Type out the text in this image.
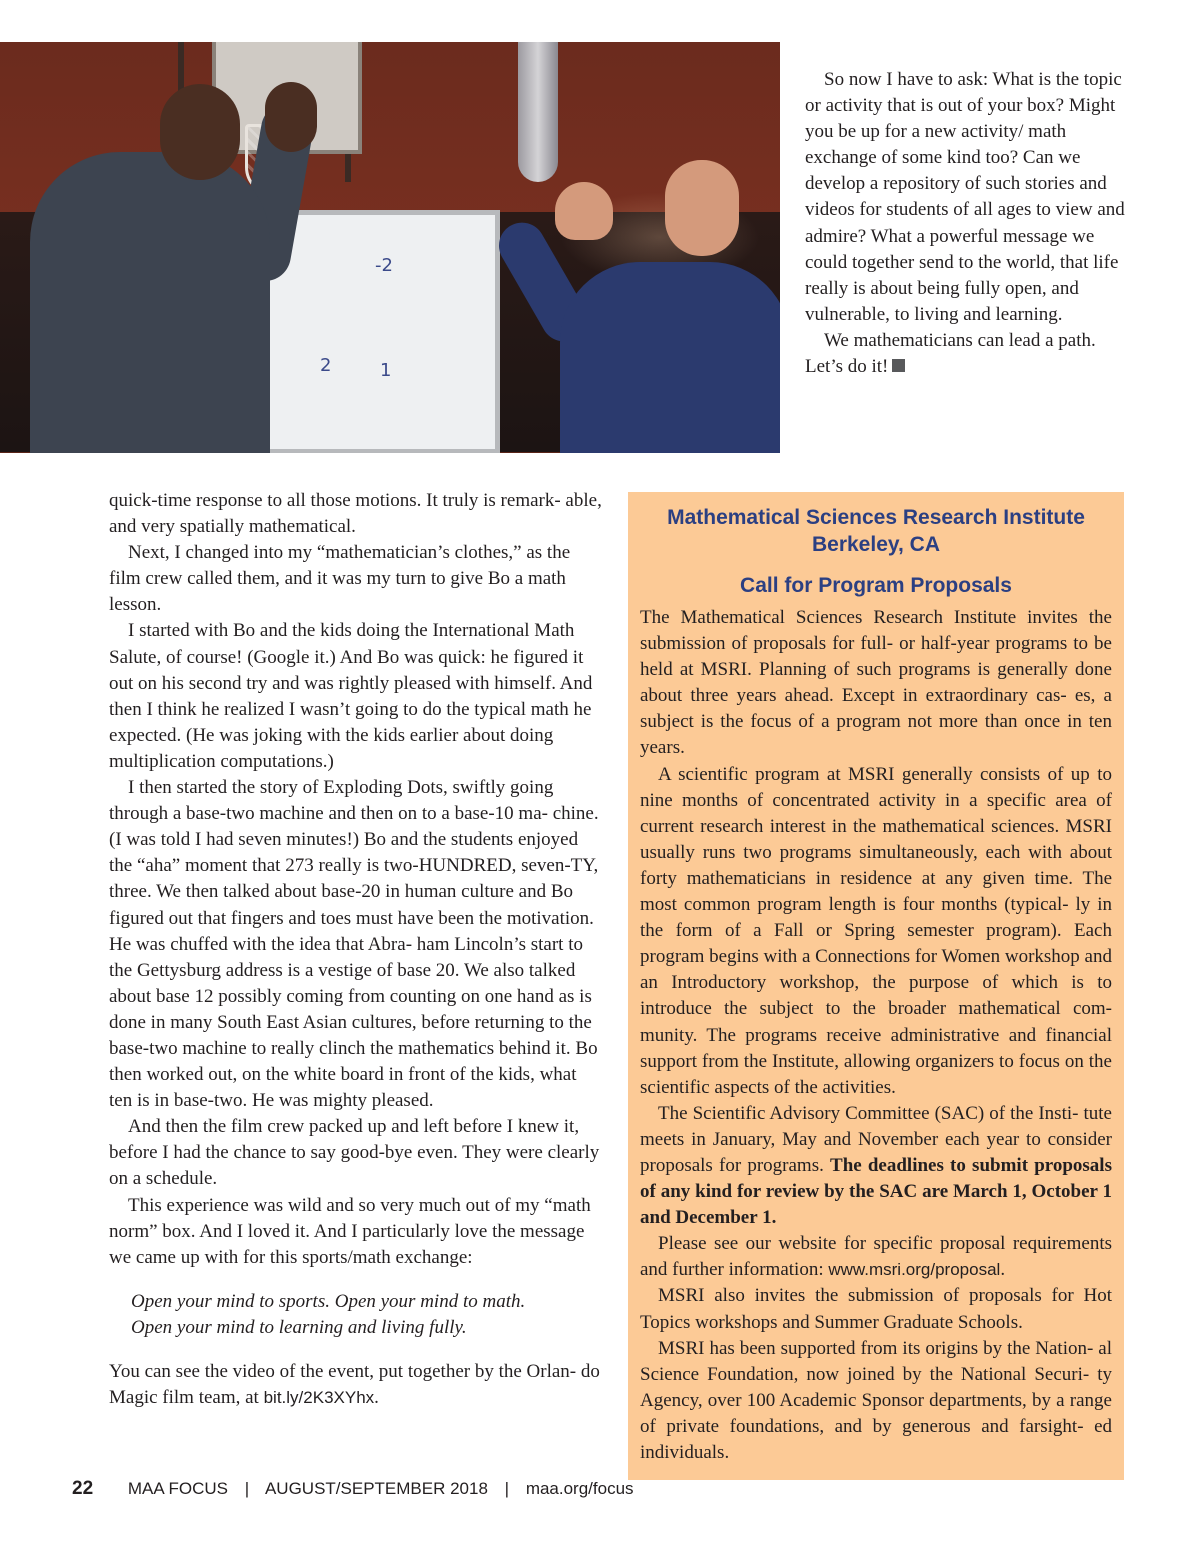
-2
2	1

So now I have to ask: What is the topic or activity that is out of your box? Might you be up for a new activity/ math exchange of some kind too? Can we develop a repository of such stories and videos for students of all ages to view and admire? What a powerful message we could together send to the world, that life really is about being fully open, and vulnerable, to living and learning.

We mathematicians can lead a path. Let’s do it!

quick-time response to all those motions. It truly is remark- able, and very spatially mathematical.

Next, I changed into my “mathematician’s clothes,” as the film crew called them, and it was my turn to give Bo a math lesson.

I started with Bo and the kids doing the International Math Salute, of course! (Google it.) And Bo was quick: he figured it out on his second try and was rightly pleased with himself. And then I think he realized I wasn’t going to do the typical math he expected. (He was joking with the kids earlier about doing multiplication computations.)

I then started the story of Exploding Dots, swiftly going through a base-two machine and then on to a base-10 ma- chine. (I was told I had seven minutes!) Bo and the students enjoyed the “aha” moment that 273 really is two-HUNDRED, seven-TY, three. We then talked about base-20 in human culture and Bo figured out that fingers and toes must have been the motivation. He was chuffed with the idea that Abra- ham Lincoln’s start to the Gettysburg address is a vestige of base 20. We also talked about base 12 possibly coming from counting on one hand as is done in many South East Asian cultures, before returning to the base-two machine to really clinch the mathematics behind it. Bo then worked out, on the white board in front of the kids, what ten is in base-two. He was mighty pleased.

And then the film crew packed up and left before I knew it, before I had the chance to say good-bye even. They were clearly on a schedule.

This experience was wild and so very much out of my “math norm” box. And I loved it. And I particularly love the message we came up with for this sports/math exchange:

Open your mind to sports. Open your mind to math.
Open your mind to learning and living fully.

You can see the video of the event, put together by the Orlan- do Magic film team, at bit.ly/2K3XYhx.

Mathematical Sciences Research Institute
Berkeley, CA
Call for Program Proposals

The Mathematical Sciences Research Institute invites the submission of proposals for full- or half-year programs to be held at MSRI. Planning of such programs is generally done about three years ahead. Except in extraordinary cas- es, a subject is the focus of a program not more than once in ten years.

A scientific program at MSRI generally consists of up to nine months of concentrated activity in a specific area of current research interest in the mathematical sciences. MSRI usually runs two programs simultaneously, each with about forty mathematicians in residence at any given time. The most common program length is four months (typical- ly in the form of a Fall or Spring semester program). Each program begins with a Connections for Women workshop and an Introductory workshop, the purpose of which is to introduce the subject to the broader mathematical com- munity. The programs receive administrative and financial support from the Institute, allowing organizers to focus on the scientific aspects of the activities.

The Scientific Advisory Committee (SAC) of the Insti- tute meets in January, May and November each year to consider proposals for programs. The deadlines to submit proposals of any kind for review by the SAC are March 1, October 1 and December 1.

Please see our website for specific proposal requirements and further information: www.msri.org/proposal.

MSRI also invites the submission of proposals for Hot Topics workshops and Summer Graduate Schools.

MSRI has been supported from its origins by the Nation- al Science Foundation, now joined by the National Securi- ty Agency, over 100 Academic Sponsor departments, by a range of private foundations, and by generous and farsight- ed individuals.

22 MAA FOCUS | AUGUST/SEPTEMBER 2018 | maa.org/focus
